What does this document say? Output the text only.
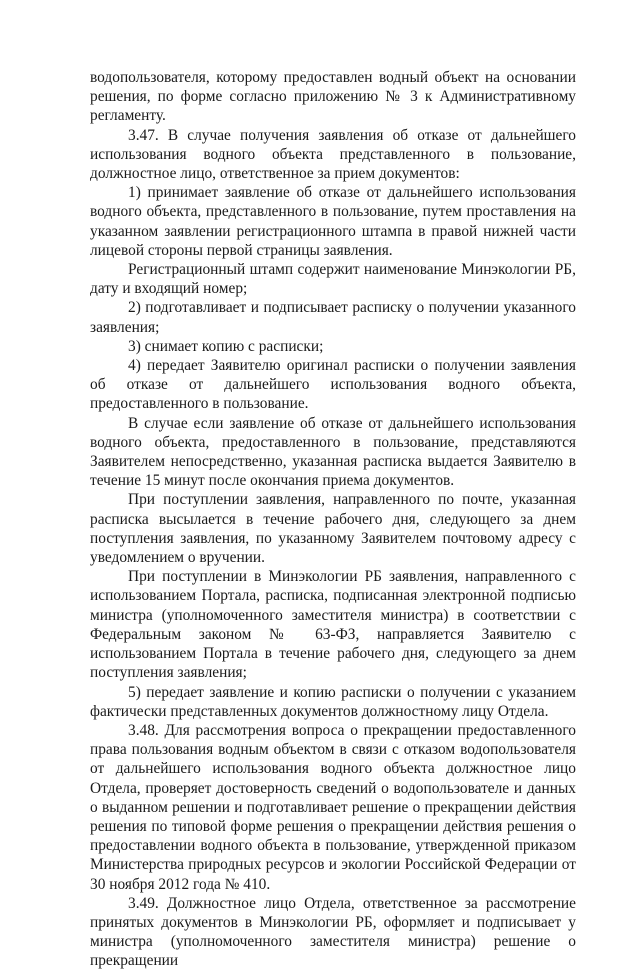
водопользователя, которому предоставлен водный объект на основании решения, по форме согласно приложению № 3 к Административному регламенту.

3.47. В случае получения заявления об отказе от дальнейшего использования водного объекта представленного в пользование, должностное лицо, ответственное за прием документов:

1) принимает заявление об отказе от дальнейшего использования водного объекта, представленного в пользование, путем проставления на указанном заявлении регистрационного штампа в правой нижней части лицевой стороны первой страницы заявления.

Регистрационный штамп содержит наименование Минэкологии РБ, дату и входящий номер;

2) подготавливает и подписывает расписку о получении указанного заявления;

3) снимает копию с расписки;

4) передает Заявителю оригинал расписки о получении заявления об отказе от дальнейшего использования водного объекта, предоставленного в пользование.

В случае если заявление об отказе от дальнейшего использования водного объекта, предоставленного в пользование, представляются Заявителем непосредственно, указанная расписка выдается Заявителю в течение 15 минут после окончания приема документов.

При поступлении заявления, направленного по почте, указанная расписка высылается в течение рабочего дня, следующего за днем поступления заявления, по указанному Заявителем почтовому адресу с уведомлением о вручении.

При поступлении в Минэкологии РБ заявления, направленного с использованием Портала, расписка, подписанная электронной подписью министра (уполномоченного заместителя министра) в соответствии с Федеральным законом № 63-ФЗ, направляется Заявителю с использованием Портала в течение рабочего дня, следующего за днем поступления заявления;

5) передает заявление и копию расписки о получении с указанием фактически представленных документов должностному лицу Отдела.

3.48. Для рассмотрения вопроса о прекращении предоставленного права пользования водным объектом в связи с отказом водопользователя от дальнейшего использования водного объекта должностное лицо Отдела, проверяет достоверность сведений о водопользователе и данных о выданном решении и подготавливает решение о прекращении действия решения по типовой форме решения о прекращении действия решения о предоставлении водного объекта в пользование, утвержденной приказом Министерства природных ресурсов и экологии Российской Федерации от 30 ноября 2012 года № 410.

3.49. Должностное лицо Отдела, ответственное за рассмотрение принятых документов в Минэкологии РБ, оформляет и подписывает у министра (уполномоченного заместителя министра) решение о прекращении
